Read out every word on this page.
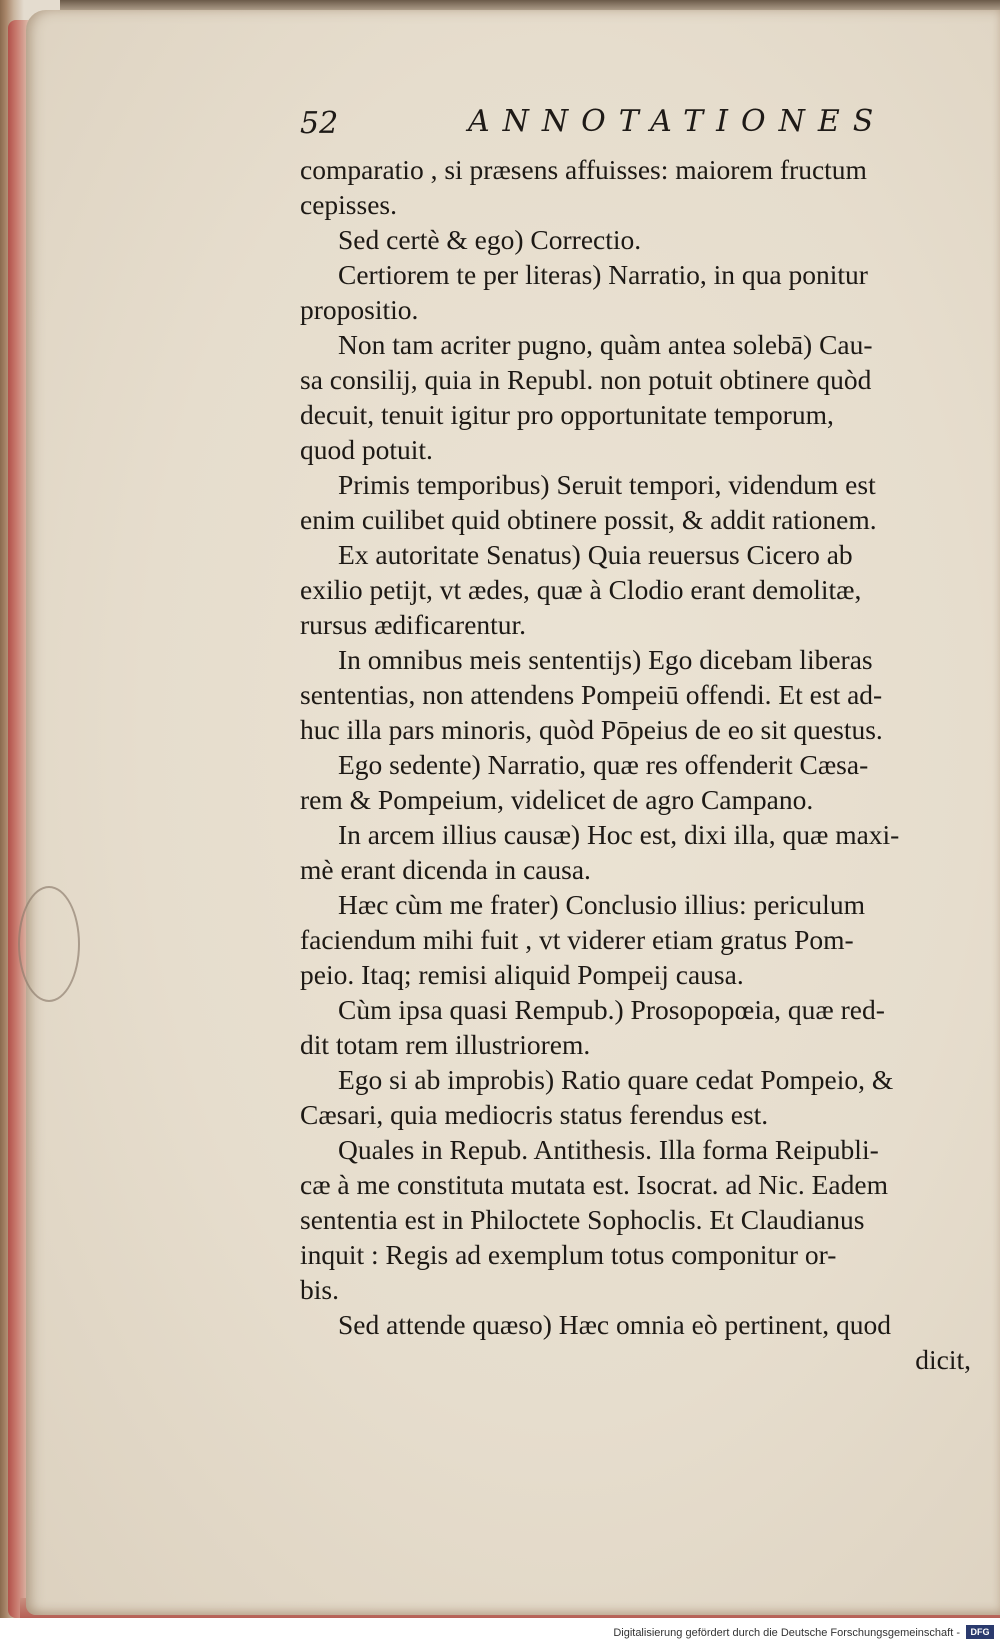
52	ANNOTATIONES
comparatio , si præsens affuisses: maiorem fructum
cepisses.
Sed certè & ego) Correctio.
Certiorem te per literas) Narratio, in qua ponitur
propositio.
Non tam acriter pugno, quàm antea solebā) Cau-
sa consilij, quia in Republ. non potuit obtinere quòd
decuit, tenuit igitur pro opportunitate temporum,
quod potuit.
Primis temporibus) Seruit tempori, videndum est
enim cuilibet quid obtinere possit, & addit rationem.
Ex autoritate Senatus) Quia reuersus Cicero ab
exilio petijt, vt ædes, quæ à Clodio erant demolitæ,
rursus ædificarentur.
In omnibus meis sententijs) Ego dicebam liberas
sententias, non attendens Pompeiū offendi. Et est ad-
huc illa pars minoris, quòd Pōpeius de eo sit questus.
Ego sedente) Narratio, quæ res offenderit Cæsa-
rem & Pompeium, videlicet de agro Campano.
In arcem illius causæ) Hoc est, dixi illa, quæ maxi-
mè erant dicenda in causa.
Hæc cùm me frater) Conclusio illius: periculum
faciendum mihi fuit , vt viderer etiam gratus Pom-
peio. Itaq; remisi aliquid Pompeij causa.
Cùm ipsa quasi Rempub.) Prosopopœia, quæ red-
dit totam rem illustriorem.
Ego si ab improbis) Ratio quare cedat Pompeio, &
Cæsari, quia mediocris status ferendus est.
Quales in Repub. Antithesis. Illa forma Reipubli-
cæ à me constituta mutata est. Isocrat. ad Nic. Eadem
sententia est in Philoctete Sophoclis. Et Claudianus
inquit : Regis ad exemplum totus componitur or-
bis.
Sed attende quæso) Hæc omnia eò pertinent, quod
dicit,
Digitalisierung gefördert durch die Deutsche Forschungsgemeinschaft -	DFG
